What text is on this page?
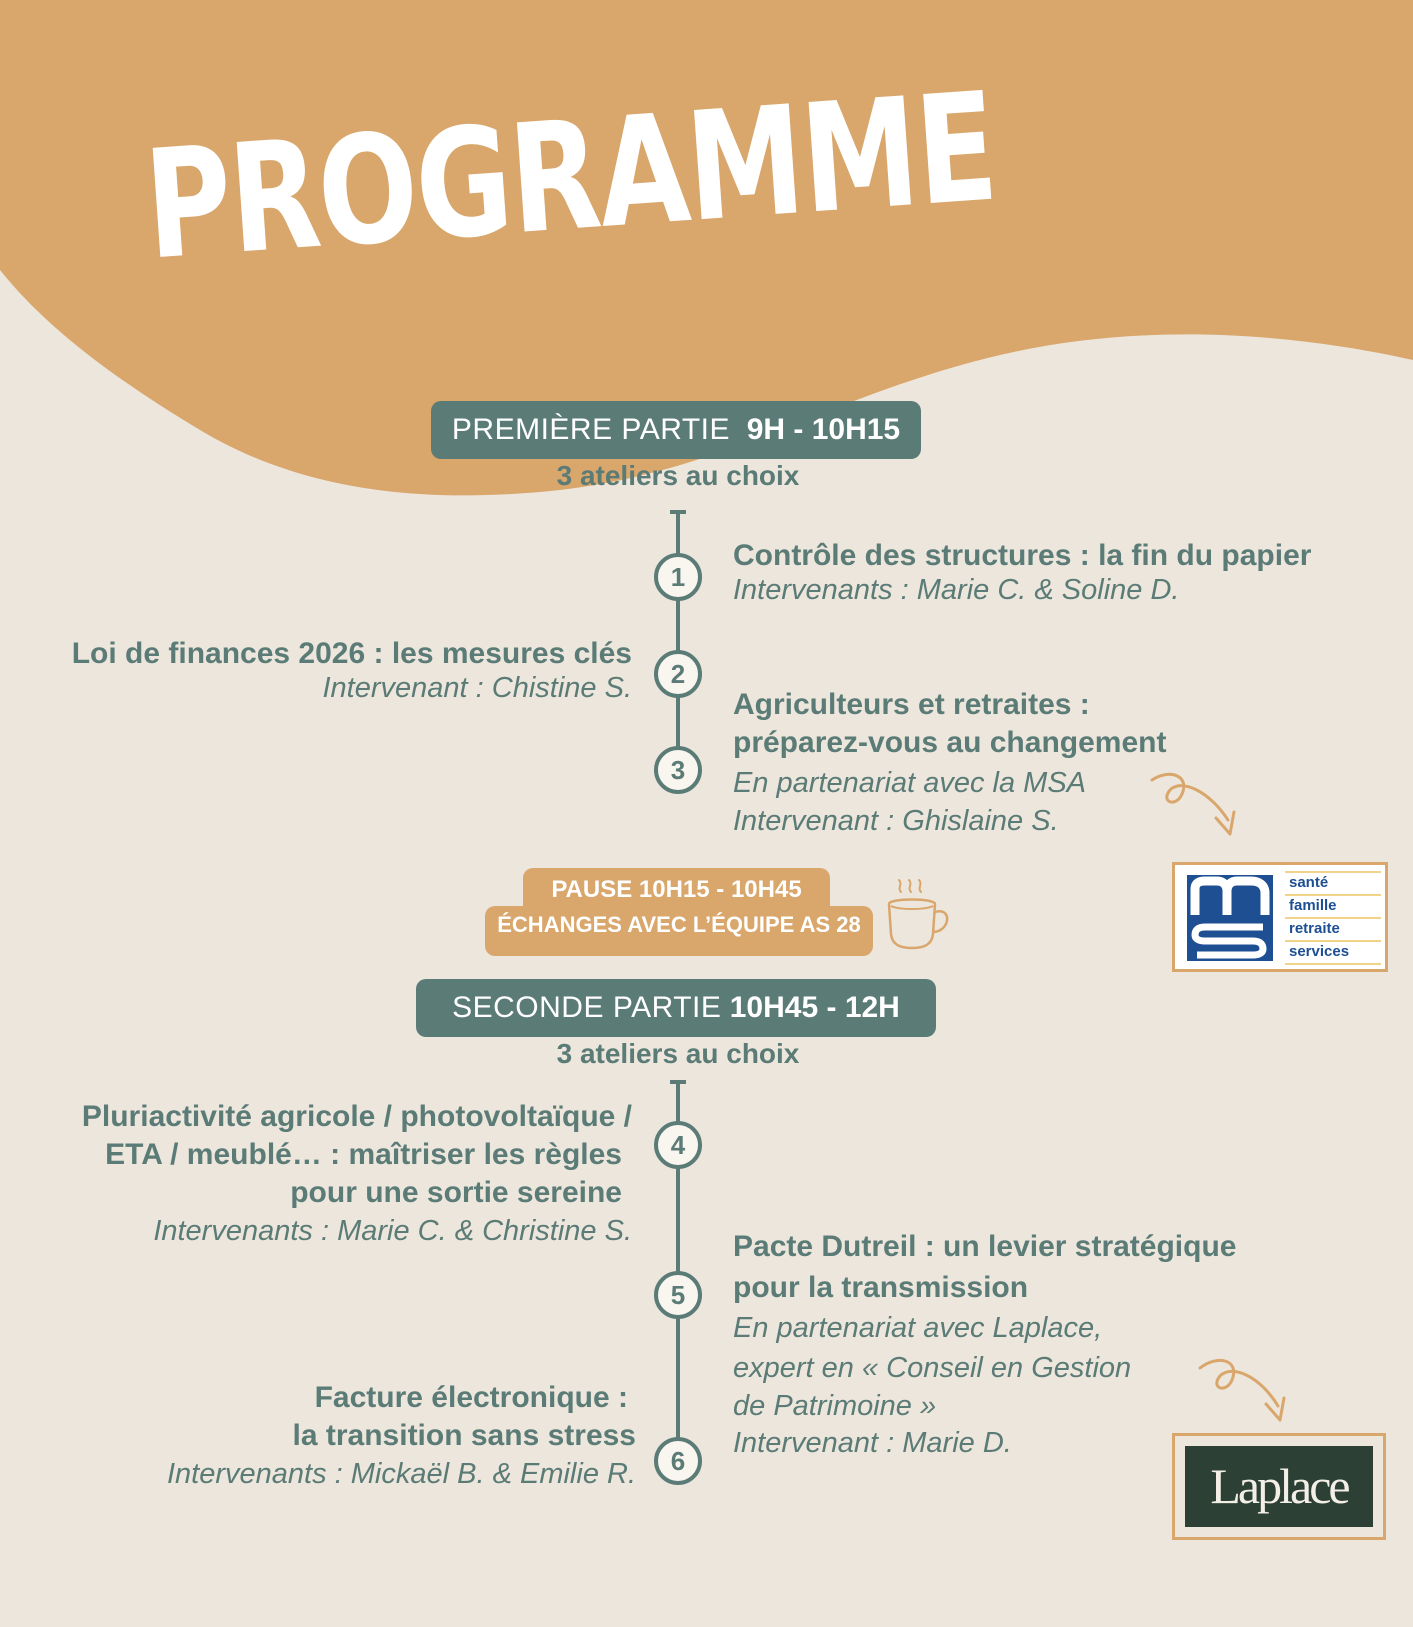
PROGRAMME
PREMIÈRE PARTIE 9H - 10H15
3 ateliers au choix
1
2
3
Contrôle des structures : la fin du papier
Intervenants : Marie C. & Soline D.
Loi de finances 2026 : les mesures clés
Intervenant : Chistine S.	Agriculteurs et retraites :
préparez-vous au changement
En partenariat avec la MSA
Intervenant : Ghislaine S.
santé
famille
retraite
services
PAUSE 10H15 - 10H45
ÉCHANGES AVEC L’ÉQUIPE AS 28
SECONDE PARTIE 10H45 - 12H
3 ateliers au choix
4
5
6
Pluriactivité agricole / photovoltaïque /
ETA / meublé… : maîtriser les règles
pour une sortie sereine
Intervenants : Marie C. & Christine S.	Pacte Dutreil : un levier stratégique
pour la transmission
En partenariat avec Laplace,
expert en « Conseil en Gestion
de Patrimoine »
Intervenant : Marie D.
Facture électronique :
la transition sans stress
Intervenants : Mickaël B. & Emilie R.	Laplace
